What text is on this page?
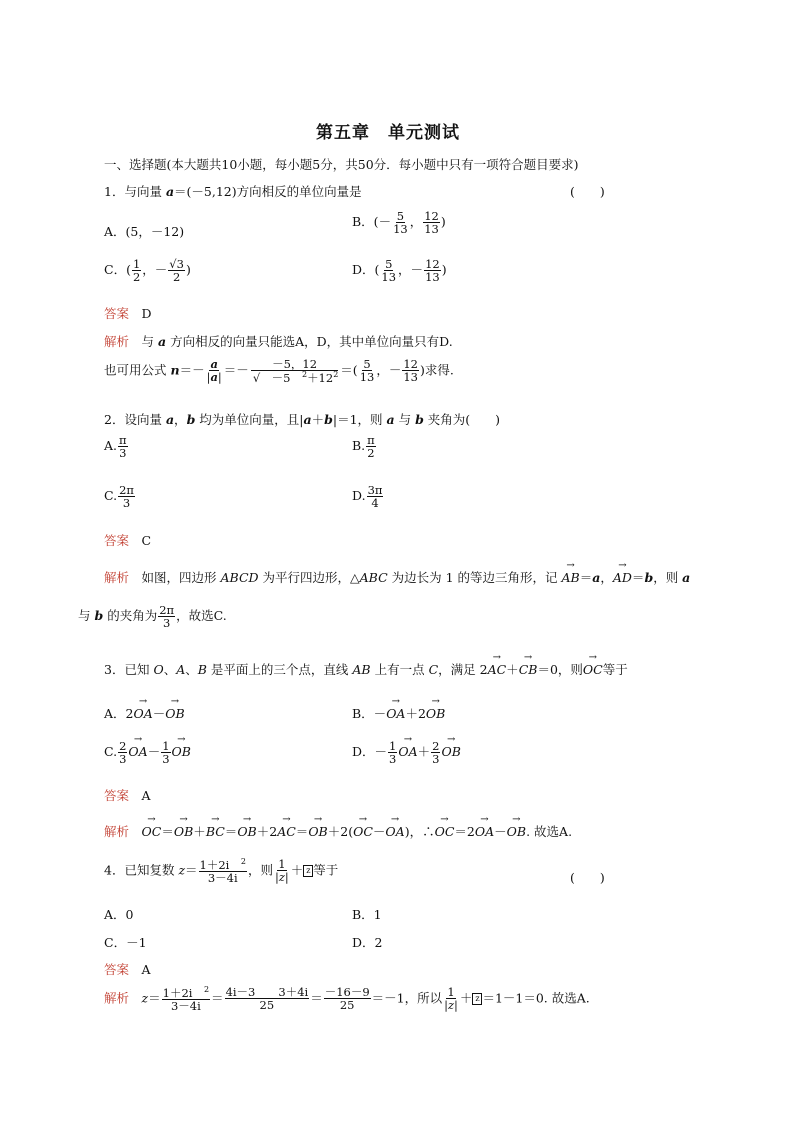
第五章　单元测试
一、选择题(本大题共10小题，每小题5分，共50分．每小题中只有一项符合题目要求)
1．与向量 a＝(－5,12)方向相反的单位向量是	(　　)
A．(5，－12)
B．(－ $\frac{5}{13}$ ， $\frac{12}{13}$ )
C．( $\frac{1}{2}$ ，－ $\frac{√3}{2}$ )	D．( $\frac{5}{13}$ ，－ $\frac{12}{13}$ )
答案　 D
解析　与 a 方向相反的向量只能选A，D，其中单位向量只有D.
也可用公式 $n=- \frac{a}{|a|} =- \frac{-5,12}{√ -5 ^2+12^2}$ ＝( $\frac{5}{13}$ ，－ $\frac{12}{13}$ )求得.
2．设向量 a，b 均为单位向量，且|a＋b|＝1，则 a 与 b 夹角为(　　)
A. $\frac{\pi}{3}$	B. $\frac{\pi}{2}$
C. $\frac{2\pi}{3}$	D. $\frac{3\pi}{4}$
答案　 C
解析　如图，四边形 ABCD 为平行四边形，△ABC 为边长为 1 的等边三角形，记 → AB＝a，→ AD＝b，则 a
与 b 的夹角为 $\frac{2\pi}{3}$ ，故选C.
3．已知 O、A、B 是平面上的三个点，直线 AB 上有一点 C，满足 2→ AC＋→ CB＝0，则→ OC等于
A．2→ OA－→ OB	B．－→ OA＋2→ OB
C. $\frac{2}{3}$
→ $OA- \frac{1}{3}$
→ OB	D．－ $\frac{1}{3}$
→ $OA+ \frac{2}{3}$
→ OB
答案　 A
解析　→ OC＝→ OB＋→ BC＝→ OB＋2→ AC＝→ OB＋2(→ OC－→ OA)，∴→ OC＝2→ OA－→ OB. 故选A.
4．已知复数 $z= \frac{1+2i ^2}{3-4i}$ ，则 $\frac{1}{|z|} + z$ 等于
(　　)
A．0	B．1
C．－1	D．2
答案　 A
解析　 $z= \frac{1+2i ^2}{3-4i} = \frac{4i-3 3+4i}{25} = \frac{-16-9}{25} =-1$，所以 $\frac{1}{|z|} + z =1-1=0$. 故选A.
